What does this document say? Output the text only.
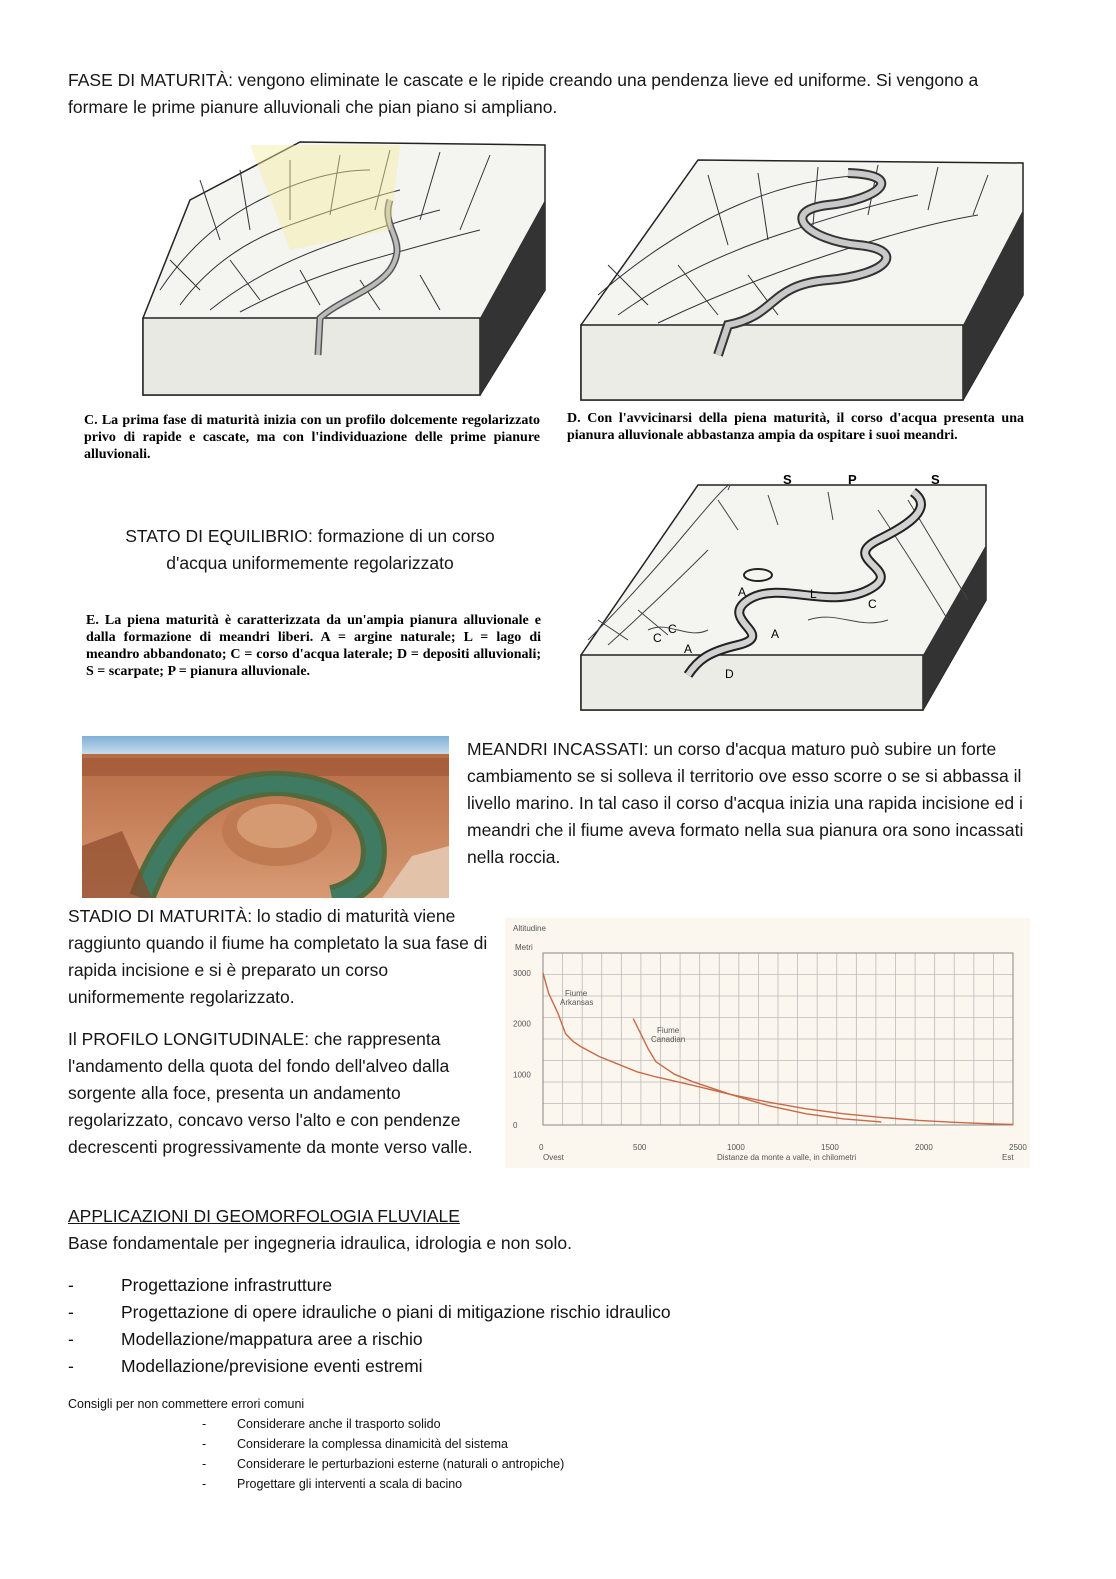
FASE DI MATURITÀ: vengono eliminate le cascate e le ripide creando una pendenza lieve ed uniforme. Si vengono a formare le prime pianure alluvionali che pian piano si ampliano.
C. La prima fase di maturità inizia con un profilo dolcemente regolarizzato privo di rapide e cascate, ma con l'individuazione delle prime pianure alluvionali.
D. Con l'avvicinarsi della piena maturità, il corso d'acqua presenta una pianura alluvionale abbastanza ampia da ospitare i suoi meandri.
STATO DI EQUILIBRIO: formazione di un corso
d'acqua uniformemente regolarizzato
E. La piena maturità è caratterizzata da un'ampia pianura alluvionale e dalla formazione di meandri liberi. A = argine naturale; L = lago di meandro abbandonato; C = corso d'acqua laterale; D = depositi alluvionali; S = scarpate; P = pianura alluvionale.
S	P	S
C
C
C
L
A
A
A
D
MEANDRI INCASSATI: un corso d'acqua maturo può subire un forte cambiamento se si solleva il territorio ove esso scorre o se si abbassa il livello marino. In tal caso il corso d'acqua inizia una rapida incisione ed i meandri che il fiume aveva formato nella sua pianura ora sono incassati nella roccia.
STADIO DI MATURITÀ: lo stadio di maturità viene raggiunto quando il fiume ha completato la sua fase di rapida incisione e si è preparato un corso uniformemente regolarizzato.
Il PROFILO LONGITUDINALE: che rappresenta l'andamento della quota del fondo dell'alveo dalla sorgente alla foce, presenta un andamento regolarizzato, concavo verso l'alto e con pendenze decrescenti progressivamente da monte verso valle.
Altitudine
Metri
0
1000
2000
3000
0	500	1000	1500	2000	2500
Fiume
Arkansas
Fiume
Canadian
Ovest	Est
Distanze da monte a valle, in chilometri
APPLICAZIONI DI GEOMORFOLOGIA FLUVIALE
Base fondamentale per ingegneria idraulica, idrologia e non solo.
-	Progettazione infrastrutture
-	Progettazione di opere idrauliche o piani di mitigazione rischio idraulico
-	Modellazione/mappatura aree a rischio
-	Modellazione/previsione eventi estremi
Consigli per non commettere errori comuni
- Considerare anche il trasporto solido
- Considerare la complessa dinamicità del sistema
- Considerare le perturbazioni esterne (naturali o antropiche)
- Progettare gli interventi a scala di bacino
